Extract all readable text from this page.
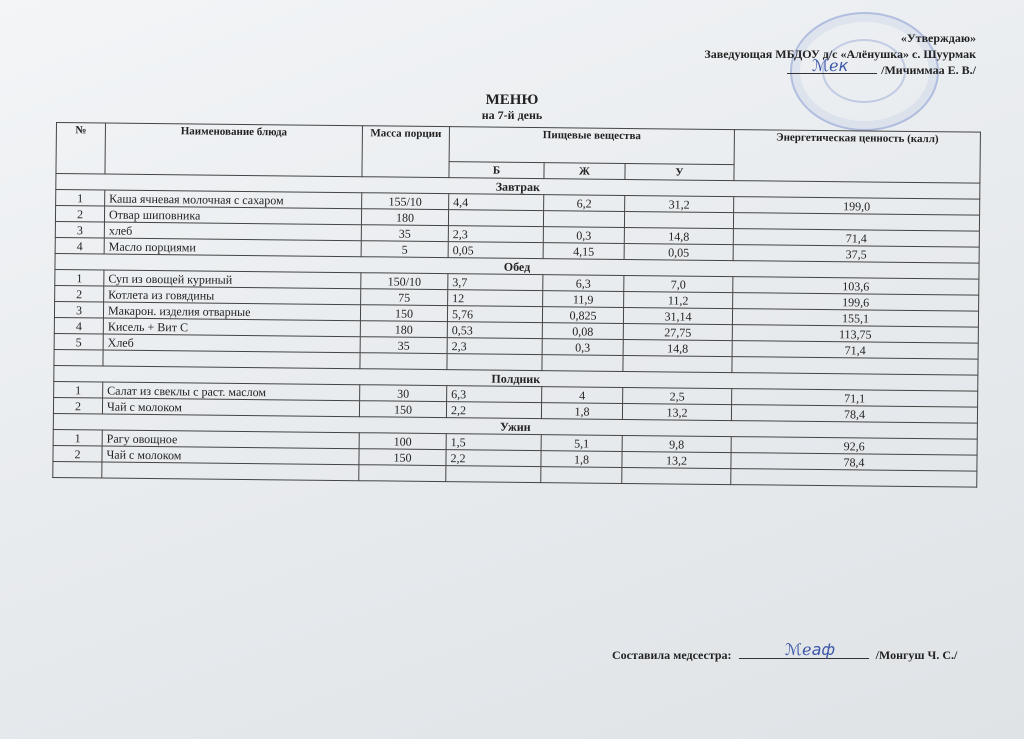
«Утверждаю»
Заведующая МБДОУ д/с «Алёнушка» с. Шуурмак
/Мичиммаа Е. В./
ℳℯк
МЕНЮ
на 7-й день
№	Наименование блюда	Масса порции	Пищевые вещества			Энергетическая ценность (калл)
			Б	Ж	У	
Завтрак						
1	Каша ячневая молочная с сахаром	155/10	4,4	6,2	31,2	199,0
2	Отвар шиповника	180				
3	хлеб	35	2,3	0,3	14,8	71,4
4	Масло порциями	5	0,05	4,15	0,05	37,5
Обед						
1	Суп из овощей куриный	150/10	3,7	6,3	7,0	103,6
2	Котлета из говядины	75	12	11,9	11,2	199,6
3	Макарон. изделия отварные	150	5,76	0,825	31,14	155,1
4	Кисель + Вит С	180	0,53	0,08	27,75	113,75
5	Хлеб	35	2,3	0,3	14,8	71,4

Полдник						
1	Салат из свеклы с раст. маслом	30	6,3	4	2,5	71,1
2	Чай с молоком	150	2,2	1,8	13,2	78,4
Ужин						
1	Рагу овощное	100	1,5	5,1	9,8	92,6
2	Чай с молоком	150	2,2	1,8	13,2	78,4

Составила медсестра:	/Монгуш Ч. С./
ℳℯаф
